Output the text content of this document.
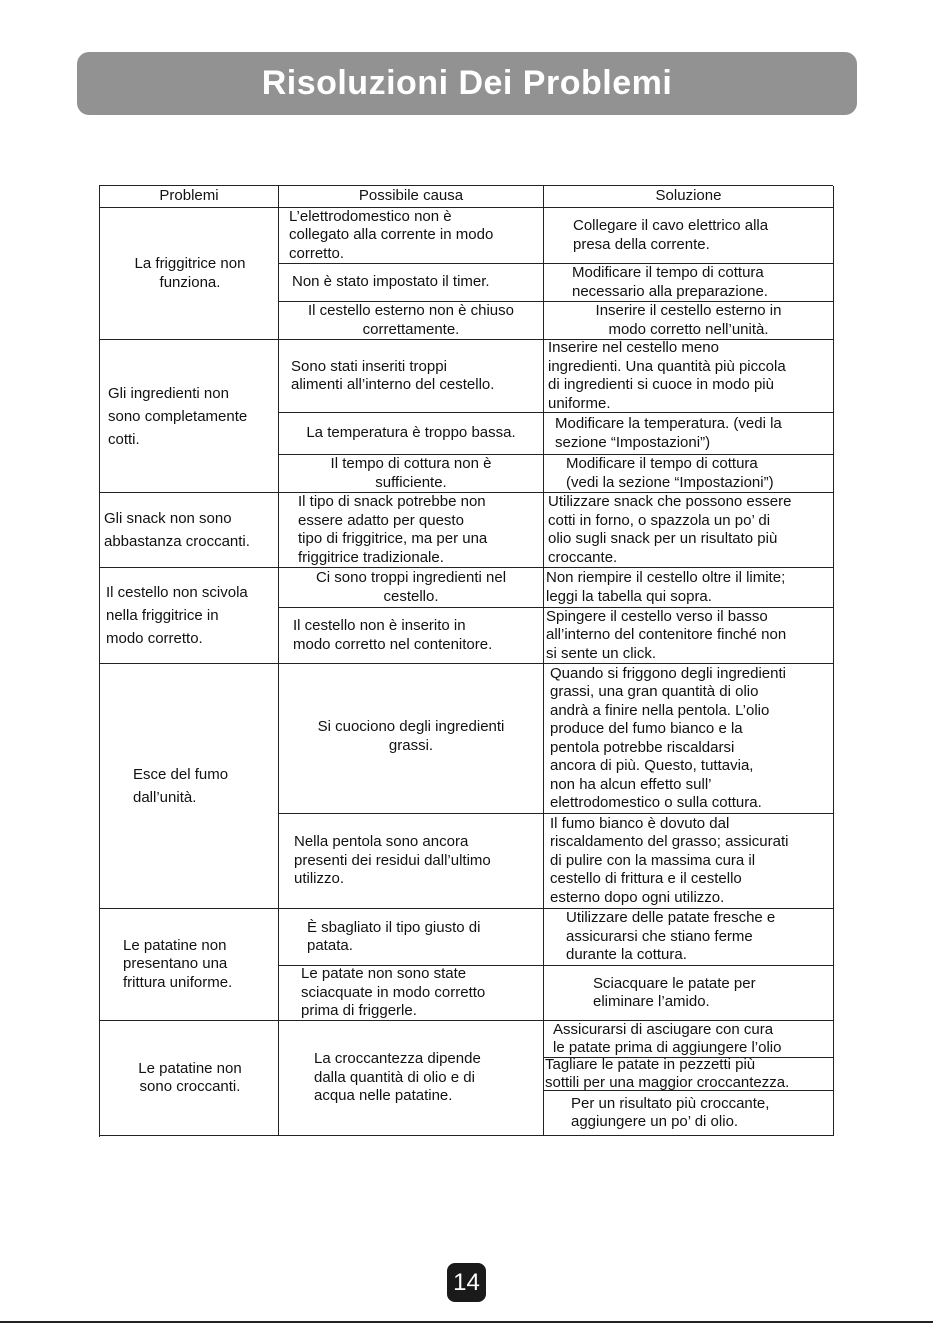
Risoluzioni Dei Problemi
Problemi	Possibile causa	Soluzione
La friggitrice non
funziona.
L’elettrodomestico non è
collegato alla corrente in modo
corretto.
Collegare il cavo elettrico alla
presa della corrente.
Non è stato impostato il timer.
Modificare il tempo di cottura
necessario alla preparazione.
Il cestello esterno non è chiuso
correttamente.
Inserire il cestello esterno in
modo corretto nell’unità.
Gli ingredienti non
sono completamente
cotti.
Sono stati inseriti troppi
alimenti all’interno del cestello.
Inserire nel cestello meno
ingredienti. Una quantità più piccola
di ingredienti si cuoce in modo più
uniforme.
La temperatura è troppo bassa.
Modificare la temperatura. (vedi la
sezione “Impostazioni”)
Il tempo di cottura non è
sufficiente.
Modificare il tempo di cottura
(vedi la sezione “Impostazioni”)
Gli snack non sono
abbastanza croccanti.
Il tipo di snack potrebbe non
essere adatto per questo
tipo di friggitrice, ma per una
friggitrice tradizionale.
Utilizzare snack che possono essere
cotti in forno, o spazzola un po’ di
olio sugli snack per un risultato più
croccante.
Il cestello non scivola
nella friggitrice in
modo corretto.
Ci sono troppi ingredienti nel
cestello.
Non riempire il cestello oltre il limite;
leggi la tabella qui sopra.
Il cestello non è inserito in
modo corretto nel contenitore.
Spingere il cestello verso il basso
all’interno del contenitore finché non
si sente un click.
Esce del fumo
dall’unità.
Si cuociono degli ingredienti
grassi.
Quando si friggono degli ingredienti
grassi, una gran quantità di olio
andrà a finire nella pentola. L’olio
produce del fumo bianco e la
pentola potrebbe riscaldarsi
ancora di più. Questo, tuttavia,
non ha alcun effetto sull’
elettrodomestico o sulla cottura.
Nella pentola sono ancora
presenti dei residui dall’ultimo
utilizzo.
Il fumo bianco è dovuto dal
riscaldamento del grasso; assicurati
di pulire con la massima cura il
cestello di frittura e il cestello
esterno dopo ogni utilizzo.
Le patatine non
presentano una
frittura uniforme.
È sbagliato il tipo giusto di
patata.
Utilizzare delle patate fresche e
assicurarsi che stiano ferme
durante la cottura.
Le patate non sono state
sciacquate in modo corretto
prima di friggerle.
Sciacquare le patate per
eliminare l’amido.
Le patatine non
sono croccanti.
La croccantezza dipende
dalla quantità di olio e di
acqua nelle patatine.
Assicurarsi di asciugare con cura
le patate prima di aggiungere l’olio
Tagliare le patate in pezzetti più
sottili per una maggior croccantezza.
Per un risultato più croccante,
aggiungere un po’ di olio.
14
